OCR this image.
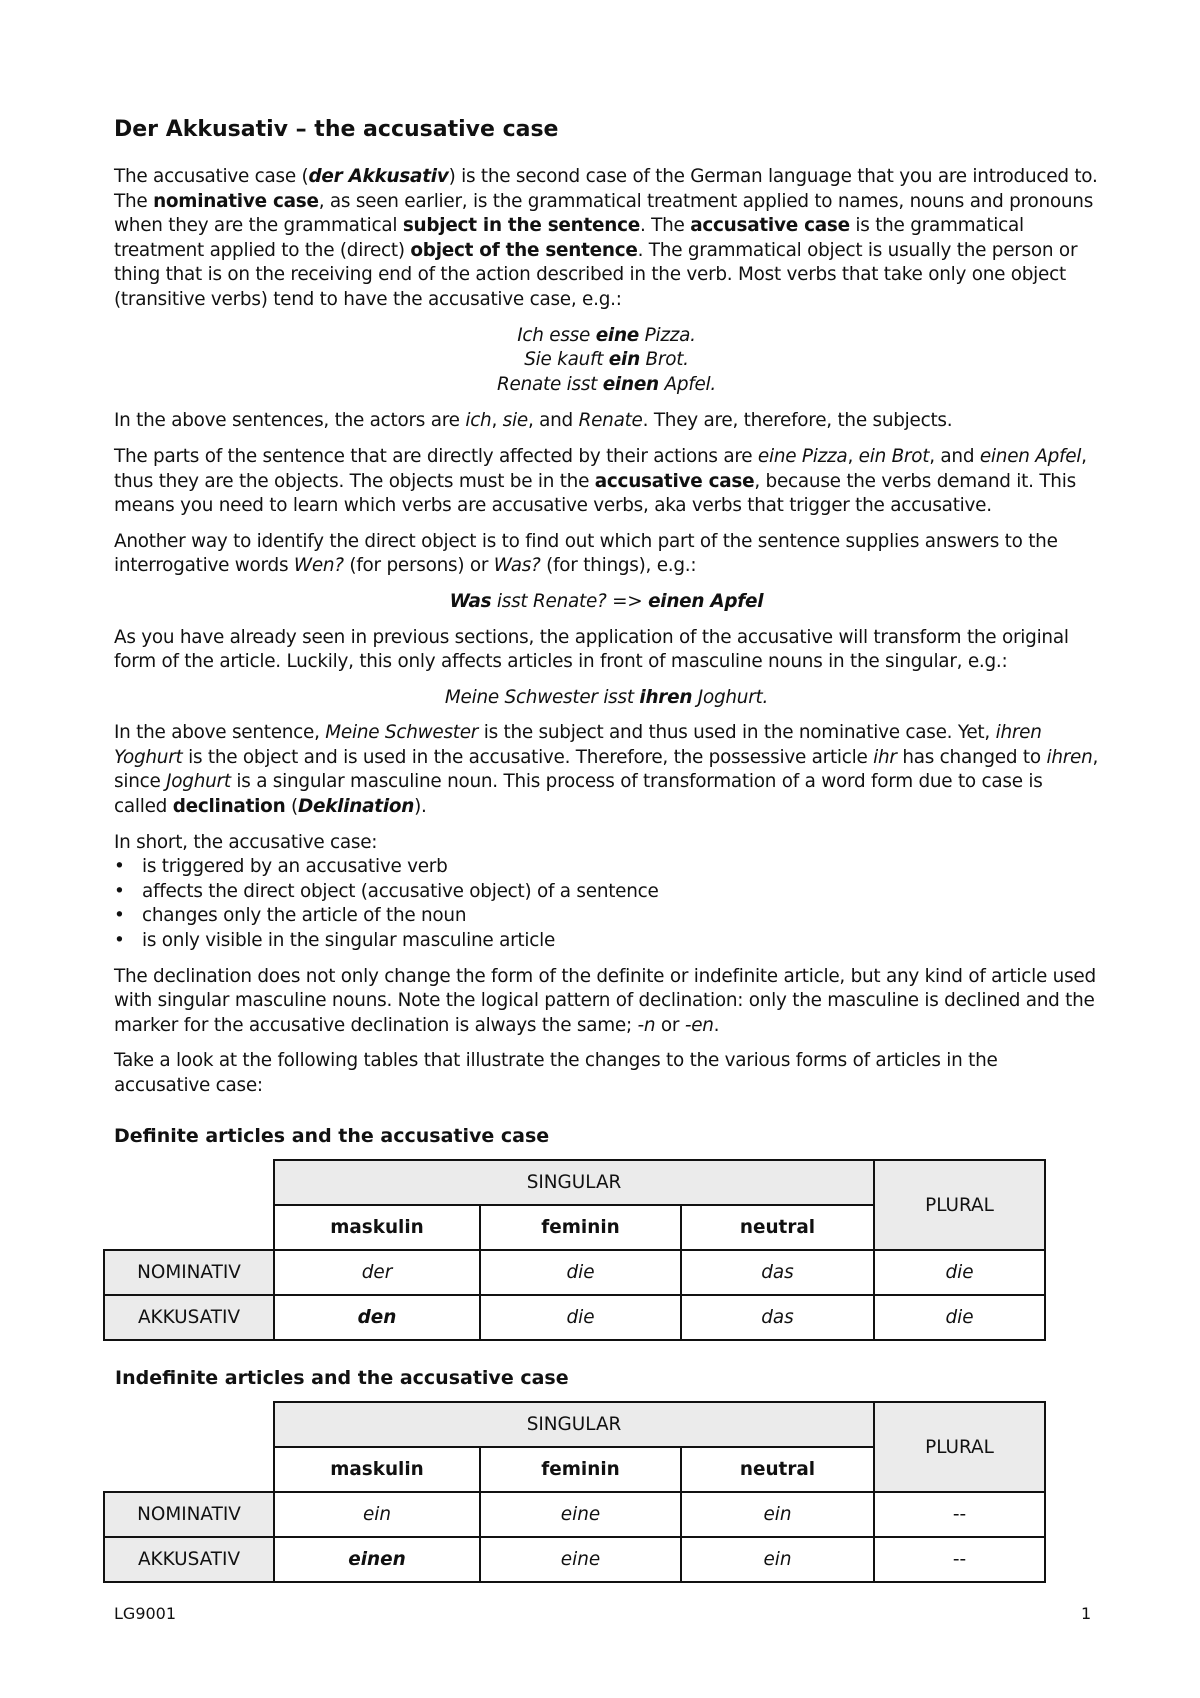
Der Akkusativ – the accusative case

The accusative case (der Akkusativ) is the second case of the German language that you are introduced to. The nominative case, as seen earlier, is the grammatical treatment applied to names, nouns and pronouns when they are the grammatical subject in the sentence. The accusative case is the grammatical treatment applied to the (direct) object of the sentence. The grammatical object is usually the person or thing that is on the receiving end of the action described in the verb. Most verbs that take only one object (transitive verbs) tend to have the accusative case, e.g.:

Ich esse eine Pizza.
Sie kauft ein Brot.
Renate isst einen Apfel.

In the above sentences, the actors are ich, sie, and Renate. They are, therefore, the subjects.

The parts of the sentence that are directly affected by their actions are eine Pizza, ein Brot, and einen Apfel, thus they are the objects. The objects must be in the accusative case, because the verbs demand it. This means you need to learn which verbs are accusative verbs, aka verbs that trigger the accusative.

Another way to identify the direct object is to find out which part of the sentence supplies answers to the interrogative words Wen? (for persons) or Was? (for things), e.g.:

Was isst Renate? => einen Apfel

As you have already seen in previous sections, the application of the accusative will transform the original form of the article. Luckily, this only affects articles in front of masculine nouns in the singular, e.g.:

Meine Schwester isst ihren Joghurt.

In the above sentence, Meine Schwester is the subject and thus used in the nominative case. Yet, ihren Yoghurt is the object and is used in the accusative. Therefore, the possessive article ihr has changed to ihren, since Joghurt is a singular masculine noun. This process of transformation of a word form due to case is called declination (Deklination).

In short, the accusative case:
• is triggered by an accusative verb
• affects the direct object (accusative object) of a sentence
• changes only the article of the noun
• is only visible in the singular masculine article

The declination does not only change the form of the definite or indefinite article, but any kind of article used with singular masculine nouns. Note the logical pattern of declination: only the masculine is declined and the marker for the accusative declination is always the same; -n or -en.

Take a look at the following tables that illustrate the changes to the various forms of articles in the accusative case:

Definite articles and the accusative case
	SINGULAR			PLURAL
	maskulin	feminin	neutral	
NOMINATIV	der	die	das	die
AKKUSATIV	den	die	das	die
Indefinite articles and the accusative case
	SINGULAR			PLURAL
	maskulin	feminin	neutral	
NOMINATIV	ein	eine	ein	--
AKKUSATIV	einen	eine	ein	--
LG9001	1
